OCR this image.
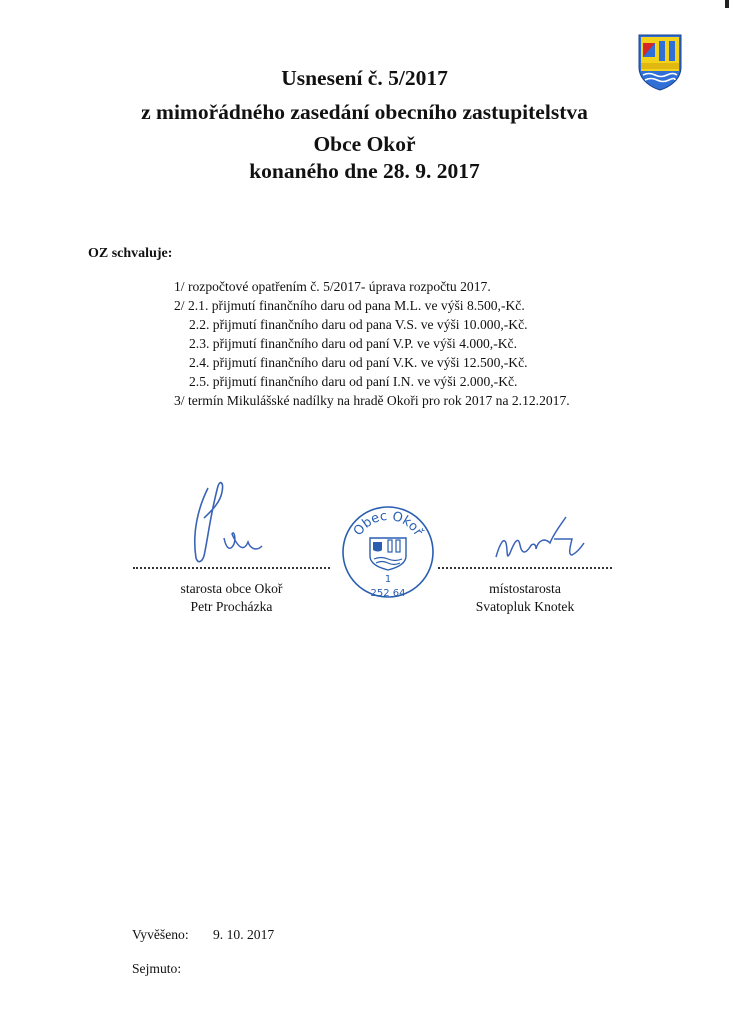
Usnesení č. 5/2017
z mimořádného zasedání obecního zastupitelstva
Obce Okoř
konaného dne 28. 9. 2017
OZ schvaluje:
1/ rozpočtové opatřením č. 5/2017- úprava rozpočtu 2017.
2/ 2.1. přijmutí finančního daru od pana M.L. ve výši 8.500,-Kč.
2.2. přijmutí finančního daru od pana V.S. ve výši 10.000,-Kč.
2.3. přijmutí finančního daru od paní V.P. ve výši 4.000,-Kč.
2.4. přijmutí finančního daru od paní V.K. ve výši 12.500,-Kč.
2.5. přijmutí finančního daru od paní I.N. ve výši 2.000,-Kč.
3/ termín Mikulášské nadílky na hradě Okoři pro rok 2017 na 2.12.2017.
starosta obce Okoř
Petr Procházka
Obec Okoř
1
252 64	místostarosta
Svatopluk Knotek
Vyvěšeno: 9. 10. 2017
Sejmuto:
